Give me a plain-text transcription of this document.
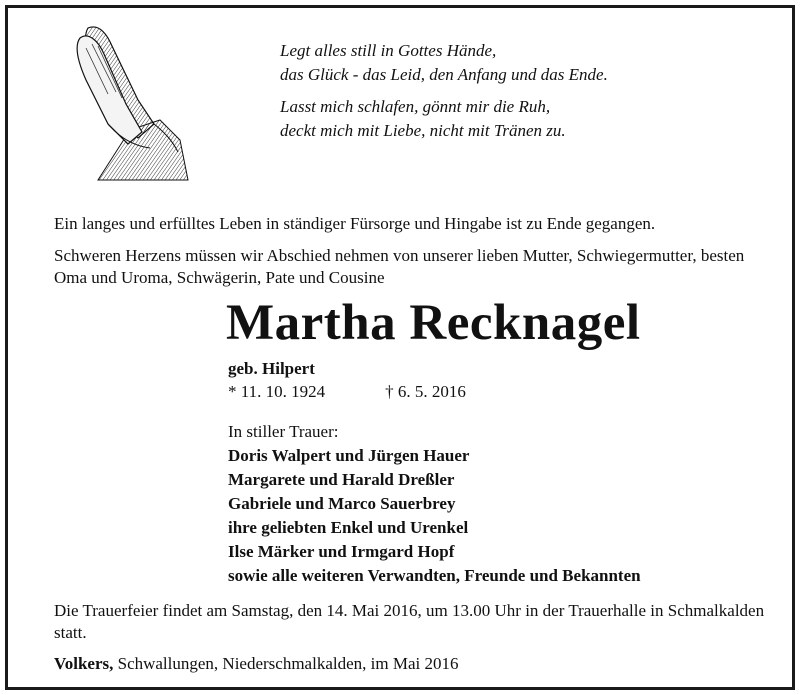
Legt alles still in Gottes Hände,
das Glück - das Leid, den Anfang und das Ende.
Lasst mich schlafen, gönnt mir die Ruh,
deckt mich mit Liebe, nicht mit Tränen zu.
Ein langes und erfülltes Leben in ständiger Fürsorge und Hingabe ist zu Ende gegangen.
Schweren Herzens müssen wir Abschied nehmen von unserer lieben Mutter, Schwiegermutter, besten Oma und Uroma, Schwägerin, Pate und Cousine
Martha Recknagel
geb. Hilpert
* 11. 10. 1924	† 6. 5. 2016
In stiller Trauer:
Doris Walpert und Jürgen Hauer
Margarete und Harald Dreßler
Gabriele und Marco Sauerbrey
ihre geliebten Enkel und Urenkel
Ilse Märker und Irmgard Hopf
sowie alle weiteren Verwandten, Freunde und Bekannten
Die Trauerfeier findet am Samstag, den 14. Mai 2016, um 13.00 Uhr in der Trauerhalle in Schmalkalden statt.
Volkers, Schwallungen, Niederschmalkalden, im Mai 2016
